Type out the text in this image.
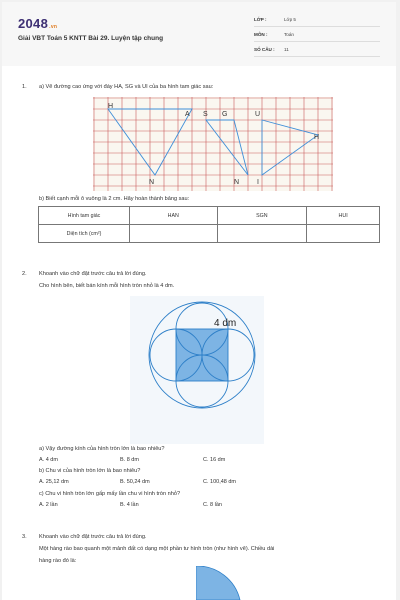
2048.vn
Giải VBT Toán 5 KNTT Bài 29. Luyện tập chung
LỚP :	Lớp 5
MÔN :	Toán
SỐ CÂU : 11
1. a) Vẽ đường cao ứng với đáy HA, SG và UI của ba hình tam giác sau:
H
A S G	U
H
N	N	I
b) Biết cạnh mỗi ô vuông là 2 cm. Hãy hoàn thành bảng sau:
Hình tam giác	HAN	SGN	HUI
Diện tích (cm²)			
2. Khoanh vào chữ đặt trước câu trả lời đúng.
Cho hình bên, biết bán kính mỗi hình tròn nhỏ là 4 dm.
4 dm
a) Vậy đường kính của hình tròn lớn là bao nhiêu?
A. 4 dm	B. 8 dm	C. 16 dm
b) Chu vi của hình tròn lớn là bao nhiêu?
A. 25,12 dm	B. 50,24 dm	C. 100,48 dm
c) Chu vi hình tròn lớn gấp mấy lần chu vi hình tròn nhỏ?
A. 2 lần	B. 4 lần	C. 8 lần
3. Khoanh vào chữ đặt trước câu trả lời đúng.
Một hàng rào bao quanh một mảnh đất có dạng một phần tư hình tròn (như hình vẽ). Chiều dài
hàng rào đó là:
